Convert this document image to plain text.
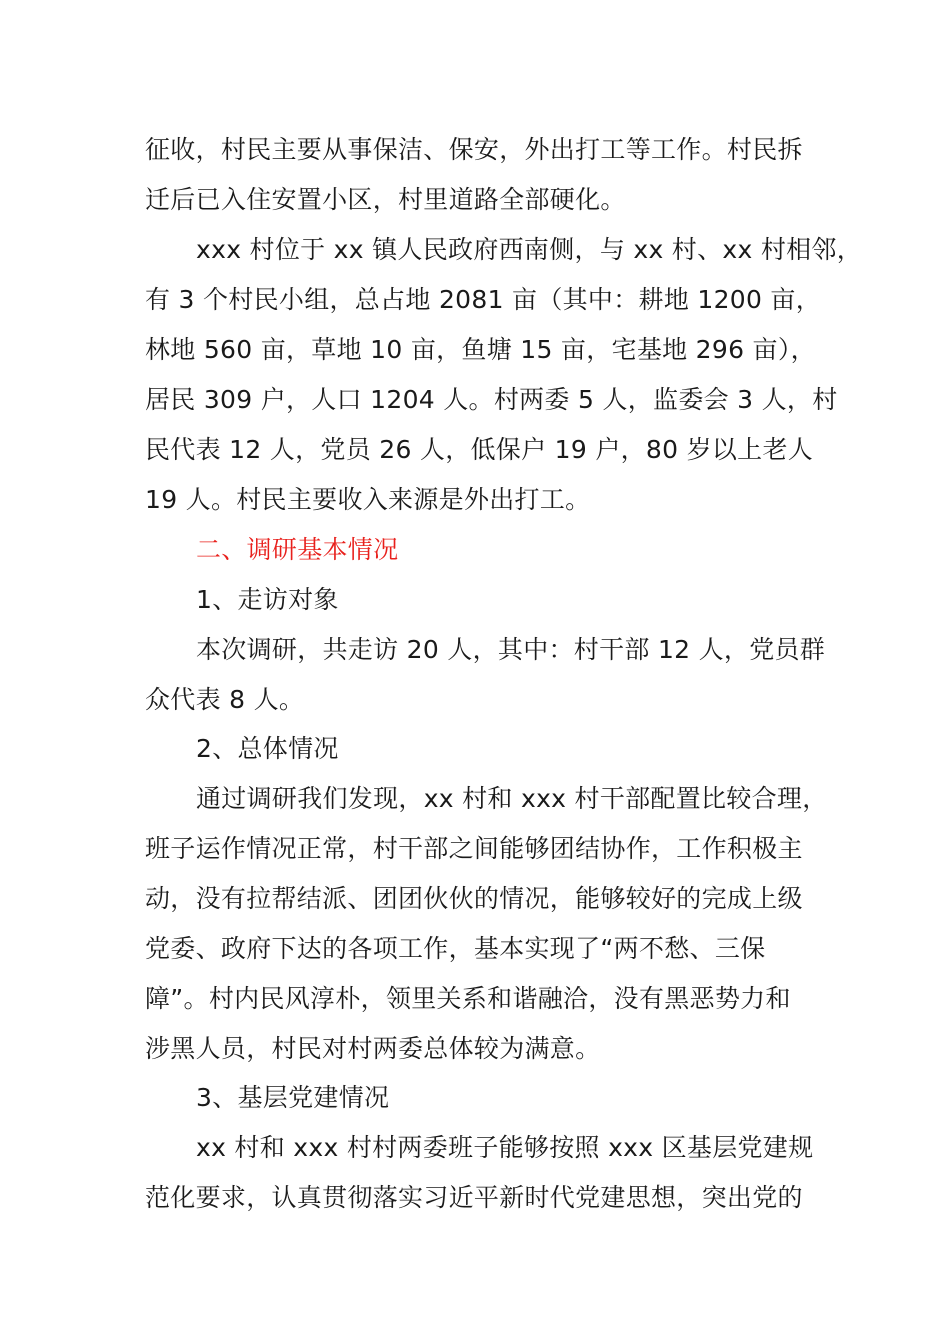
征收，村民主要从事保洁、保安，外出打工等工作。村民拆
迁后已入住安置小区，村里道路全部硬化。
xxx 村位于 xx 镇人民政府西南侧，与 xx 村、xx 村相邻，
有 3 个村民小组，总占地 2081 亩（其中：耕地 1200 亩，
林地 560 亩，草地 10 亩，鱼塘 15 亩，宅基地 296 亩），
居民 309 户，人口 1204 人。村两委 5 人，监委会 3 人，村
民代表 12 人，党员 26 人，低保户 19 户，80 岁以上老人
19 人。村民主要收入来源是外出打工。
二、调研基本情况
1、走访对象
本次调研，共走访 20 人，其中：村干部 12 人，党员群
众代表 8 人。
2、总体情况
通过调研我们发现，xx 村和 xxx 村干部配置比较合理，
班子运作情况正常，村干部之间能够团结协作，工作积极主
动，没有拉帮结派、团团伙伙的情况，能够较好的完成上级
党委、政府下达的各项工作，基本实现了“两不愁、三保
障”。村内民风淳朴，领里关系和谐融洽，没有黑恶势力和
涉黑人员，村民对村两委总体较为满意。
3、基层党建情况
xx 村和 xxx 村村两委班子能够按照 xxx 区基层党建规
范化要求，认真贯彻落实习近平新时代党建思想，突出党的
